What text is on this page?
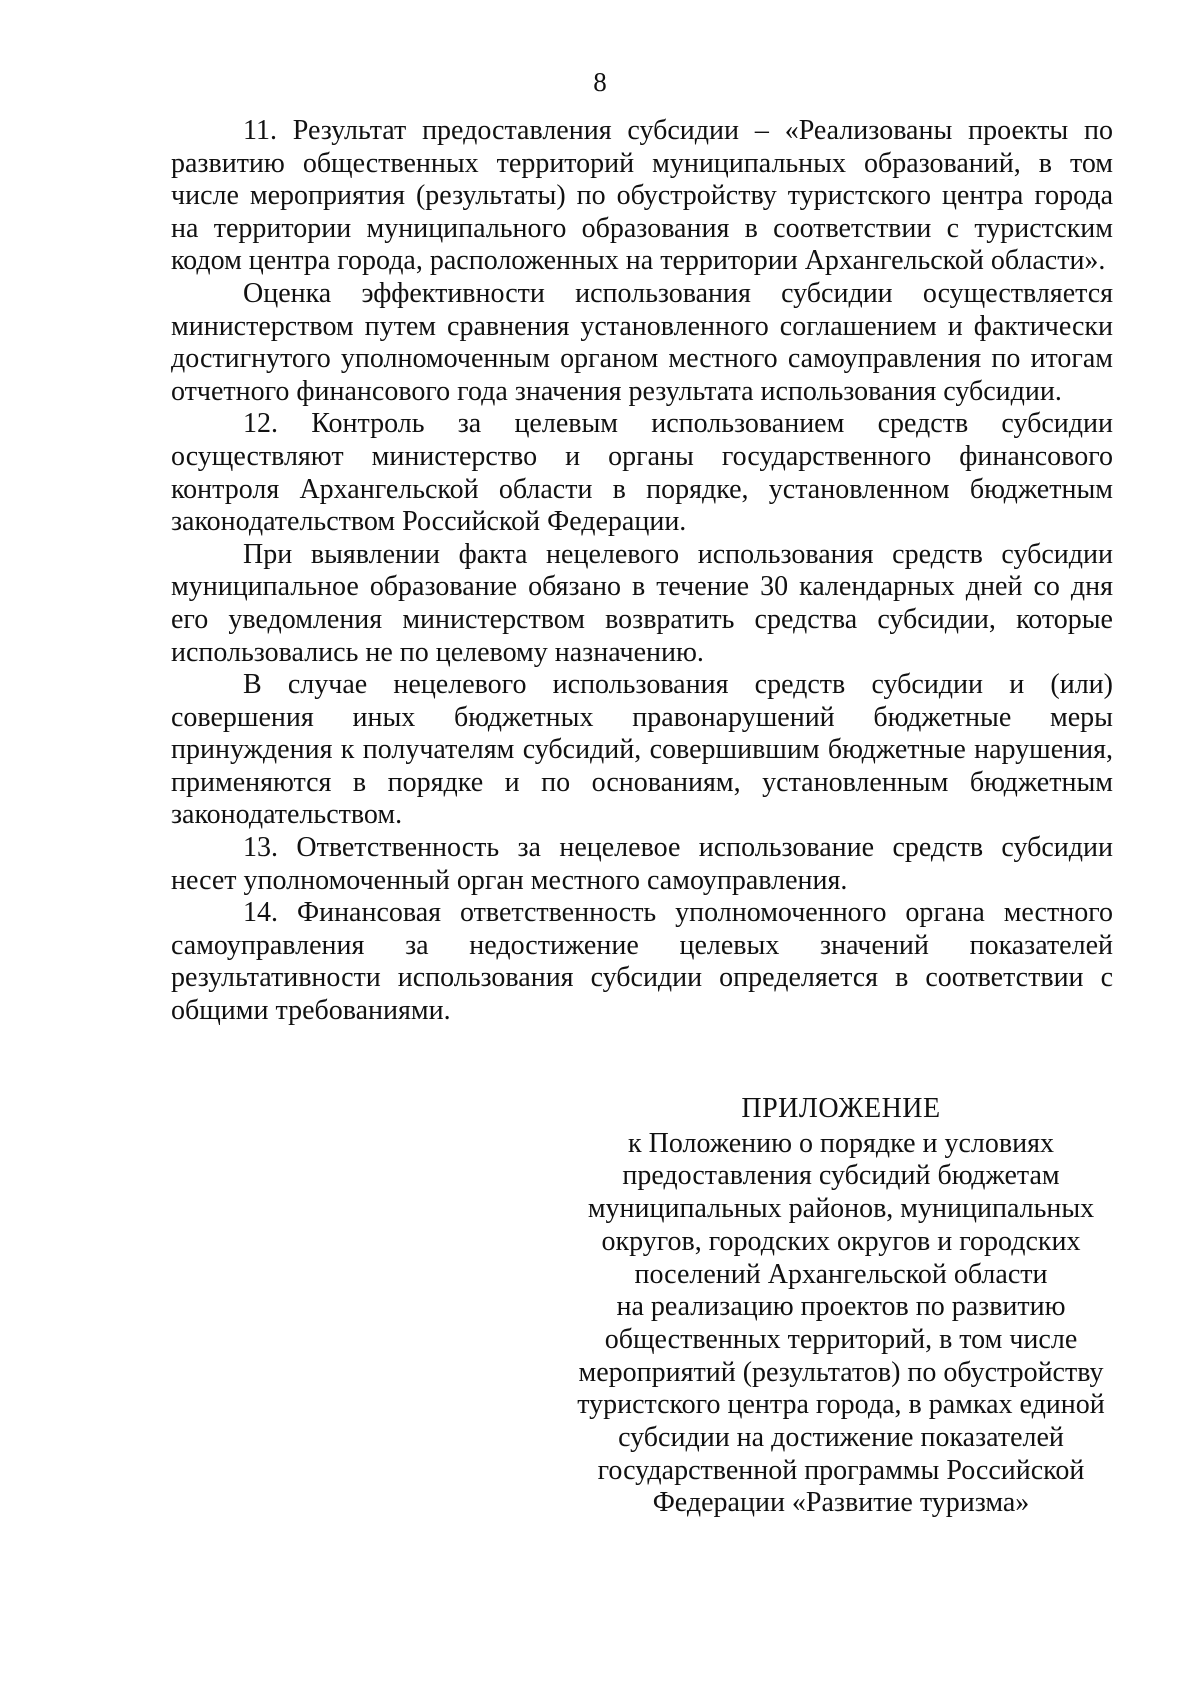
8

11. Результат предоставления субсидии – «Реализованы проекты по развитию общественных территорий муниципальных образований, в том числе мероприятия (результаты) по обустройству туристского центра города на территории муниципального образования в соответствии с туристским кодом центра города, расположенных на территории Архангельской области».

Оценка эффективности использования субсидии осуществляется министерством путем сравнения установленного соглашением и фактически достигнутого уполномоченным органом местного самоуправления по итогам отчетного финансового года значения результата использования субсидии.

12. Контроль за целевым использованием средств субсидии осуществляют министерство и органы государственного финансового контроля Архангельской области в порядке, установленном бюджетным законодательством Российской Федерации.

При выявлении факта нецелевого использования средств субсидии муниципальное образование обязано в течение 30 календарных дней со дня его уведомления министерством возвратить средства субсидии, которые использовались не по целевому назначению.

В случае нецелевого использования средств субсидии и (или) совершения иных бюджетных правонарушений бюджетные меры принуждения к получателям субсидий, совершившим бюджетные нарушения, применяются в порядке и по основаниям, установленным бюджетным законодательством.

13. Ответственность за нецелевое использование средств субсидии несет уполномоченный орган местного самоуправления.

14. Финансовая ответственность уполномоченного органа местного самоуправления за недостижение целевых значений показателей результативности использования субсидии определяется в соответствии с общими требованиями.

ПРИЛОЖЕНИЕ
к Положению о порядке и условиях
предоставления субсидий бюджетам
муниципальных районов, муниципальных
округов, городских округов и городских
поселений Архангельской области
на реализацию проектов по развитию
общественных территорий, в том числе
мероприятий (результатов) по обустройству
туристского центра города, в рамках единой
субсидии на достижение показателей
государственной программы Российской
Федерации «Развитие туризма»
